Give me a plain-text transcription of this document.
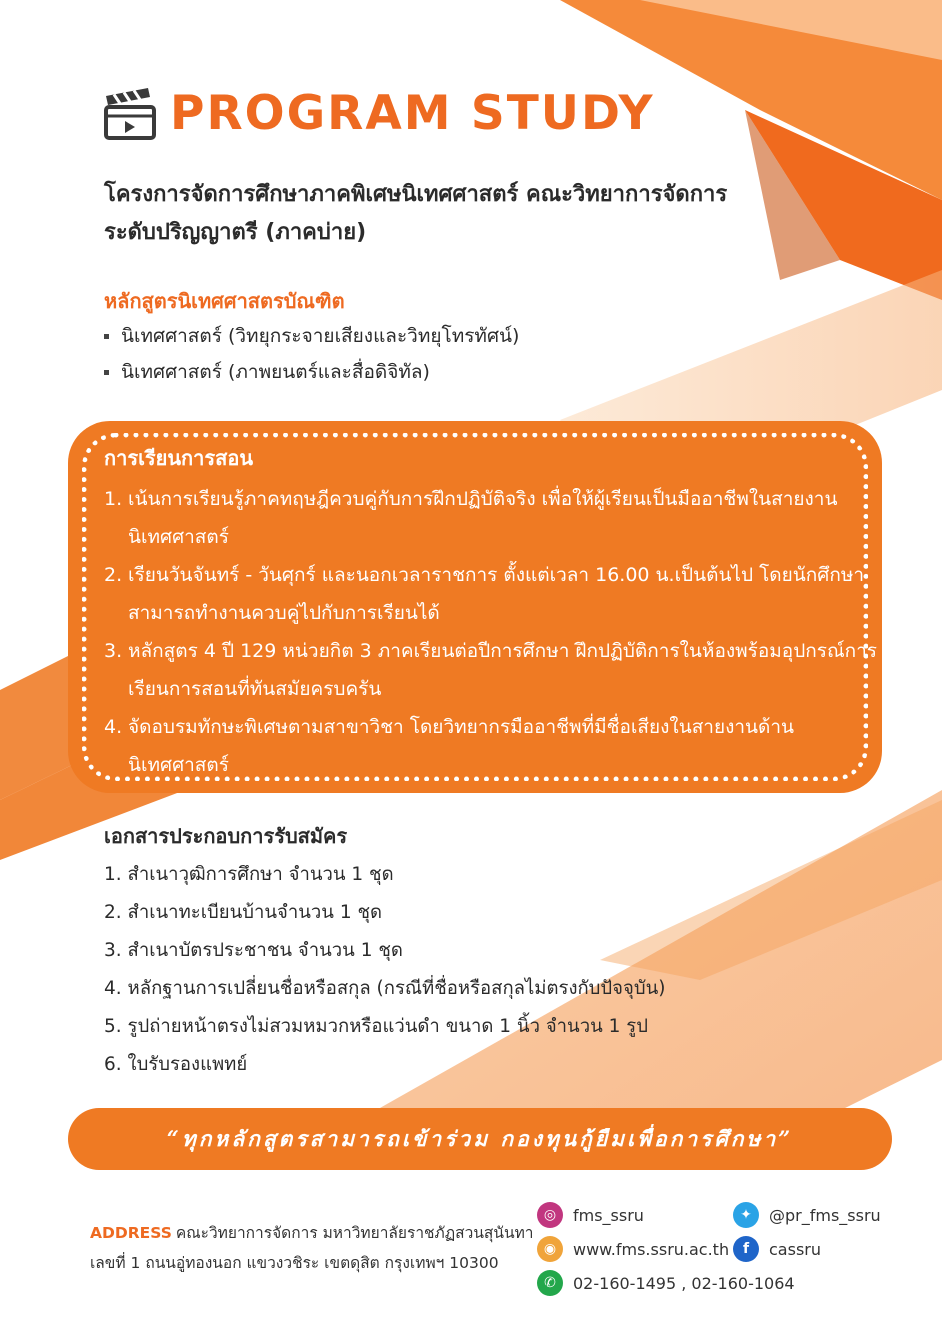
PROGRAM STUDY
โครงการจัดการศึกษาภาคพิเศษนิเทศศาสตร์ คณะวิทยาการจัดการ
ระดับปริญญาตรี (ภาคบ่าย)
หลักสูตรนิเทศศาสตรบัณฑิต
นิเทศศาสตร์ (วิทยุกระจายเสียงและวิทยุโทรทัศน์)
นิเทศศาสตร์ (ภาพยนตร์และสื่อดิจิทัล)
การเรียนการสอน
1. เน้นการเรียนรู้ภาคทฤษฎีควบคู่กับการฝึกปฏิบัติจริง เพื่อให้ผู้เรียนเป็นมืออาชีพในสายงานนิเทศศาสตร์
2. เรียนวันจันทร์ - วันศุกร์ และนอกเวลาราชการ ตั้งแต่เวลา 16.00 น.เป็นต้นไป โดยนักศึกษาสามารถทำงานควบคู่ไปกับการเรียนได้
3. หลักสูตร 4 ปี 129 หน่วยกิต 3 ภาคเรียนต่อปีการศึกษา ฝึกปฏิบัติการในห้องพร้อมอุปกรณ์การเรียนการสอนที่ทันสมัยครบครัน
4. จัดอบรมทักษะพิเศษตามสาขาวิชา โดยวิทยากรมืออาชีพที่มีชื่อเสียงในสายงานด้านนิเทศศาสตร์
เอกสารประกอบการรับสมัคร
1. สำเนาวุฒิการศึกษา จำนวน 1 ชุด
2. สำเนาทะเบียนบ้านจำนวน 1 ชุด
3. สำเนาบัตรประชาชน จำนวน 1 ชุด
4. หลักฐานการเปลี่ยนชื่อหรือสกุล (กรณีที่ชื่อหรือสกุลไม่ตรงกับปัจจุบัน)
5. รูปถ่ายหน้าตรงไม่สวมหมวกหรือแว่นดำ ขนาด 1 นิ้ว จำนวน 1 รูป
6. ใบรับรองแพทย์
“ทุกหลักสูตรสามารถเข้าร่วม กองทุนกู้ยืมเพื่อการศึกษา”
ADDRESS คณะวิทยาการจัดการ มหาวิทยาลัยราชภัฏสวนสุนันทา
เลขที่ 1 ถนนอู่ทองนอก แขวงวชิระ เขตดุสิต กรุงเทพฯ 10300
◎	fms_ssru	✦	@pr_fms_ssru
◉	www.fms.ssru.ac.th f	cassru
✆	02-160-1495 , 02-160-1064
